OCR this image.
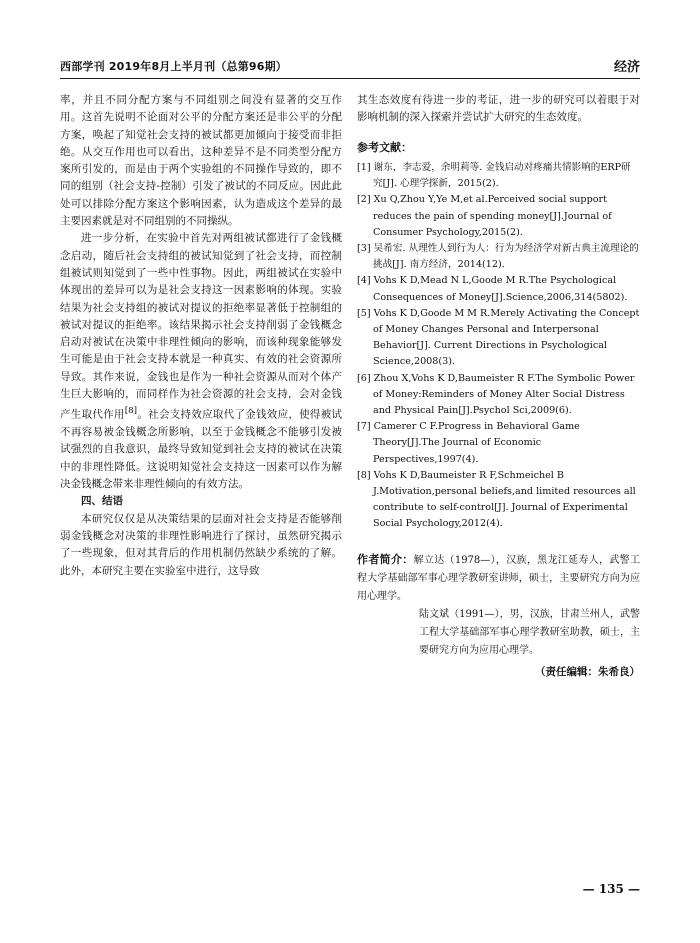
西部学刊 2019年8月上半月刊（总第96期）	经济

率，并且不同分配方案与不同组别之间没有显著的交互作用。这首先说明不论面对公平的分配方案还是非公平的分配方案，唤起了知觉社会支持的被试都更加倾向于接受而非拒绝。从交互作用也可以看出，这种差异不是不同类型分配方案所引发的，而是由于两个实验组的不同操作导致的，即不同的组别（社会支持-控制）引发了被试的不同反应。因此此处可以排除分配方案这个影响因素，认为造成这个差异的最主要因素就是对不同组别的不同操纵。

进一步分析，在实验中首先对两组被试都进行了金钱概念启动，随后社会支持组的被试知觉到了社会支持，而控制组被试则知觉到了一些中性事物。因此，两组被试在实验中体现出的差异可以为是社会支持这一因素影响的体现。实验结果为社会支持组的被试对提议的拒绝率显著低于控制组的被试对提议的拒绝率。该结果揭示社会支持削弱了金钱概念启动对被试在决策中非理性倾向的影响，而该种现象能够发生可能是由于社会支持本就是一种真实、有效的社会资源所导致。其作来说，金钱也是作为一种社会资源从而对个体产生巨大影响的，而同样作为社会资源的社会支持，会对金钱产生取代作用[8]。社会支持效应取代了金钱效应，使得被试不再容易被金钱概念所影响，以至于金钱概念不能够引发被试强烈的自我意识，最终导致知觉到社会支持的被试在决策中的非理性降低。这说明知觉社会支持这一因素可以作为解决金钱概念带来非理性倾向的有效方法。

四、结语

本研究仅仅是从决策结果的层面对社会支持是否能够削弱金钱概念对决策的非理性影响进行了探讨，虽然研究揭示了一些现象，但对其背后的作用机制仍然缺少系统的了解。此外，本研究主要在实验室中进行，这导致

其生态效度有待进一步的考证，进一步的研究可以着眼于对影响机制的深入探索并尝试扩大研究的生态效度。

参考文献：
[1] 谢东，李志爱，余明莉等. 金钱启动对疼痛共情影响的ERP研究[J]. 心理学探新，2015(2).
[2] Xu Q,Zhou Y,Ye M,et al.Perceived social support reduces the pain of spending money[J].Journal of Consumer Psychology,2015(2).
[3] 吴希宏. 从理性人到行为人：行为为经济学对新古典主流理论的挑战[J]. 南方经济，2014(12).
[4] Vohs K D,Mead N L,Goode M R.The Psychological Consequences of Money[J].Science,2006,314(5802).
[5] Vohs K D,Goode M M R.Merely Activating the Concept of Money Changes Personal and Interpersonal Behavior[J]. Current Directions in Psychological Science,2008(3).
[6] Zhou X,Vohs K D,Baumeister R F.The Symbolic Power of Money:Reminders of Money Alter Social Distress and Physical Pain[J].Psychol Sci,2009(6).
[7] Camerer C F.Progress in Behavioral Game Theory[J].The Journal of Economic Perspectives,1997(4).
[8] Vohs K D,Baumeister R F,Schmeichel B J.Motivation,personal beliefs,and limited resources all contribute to self-control[J]. Journal of Experimental Social Psychology,2012(4).

作者简介：解立达（1978—），汉族，黑龙江延寿人，武警工程大学基础部军事心理学教研室讲师，硕士，主要研究方向为应用心理学。

陆文斌（1991—），男，汉族，甘肃兰州人，武警工程大学基础部军事心理学教研室助教，硕士，主要研究方向为应用心理学。

（责任编辑：朱希良）
— 135 —
